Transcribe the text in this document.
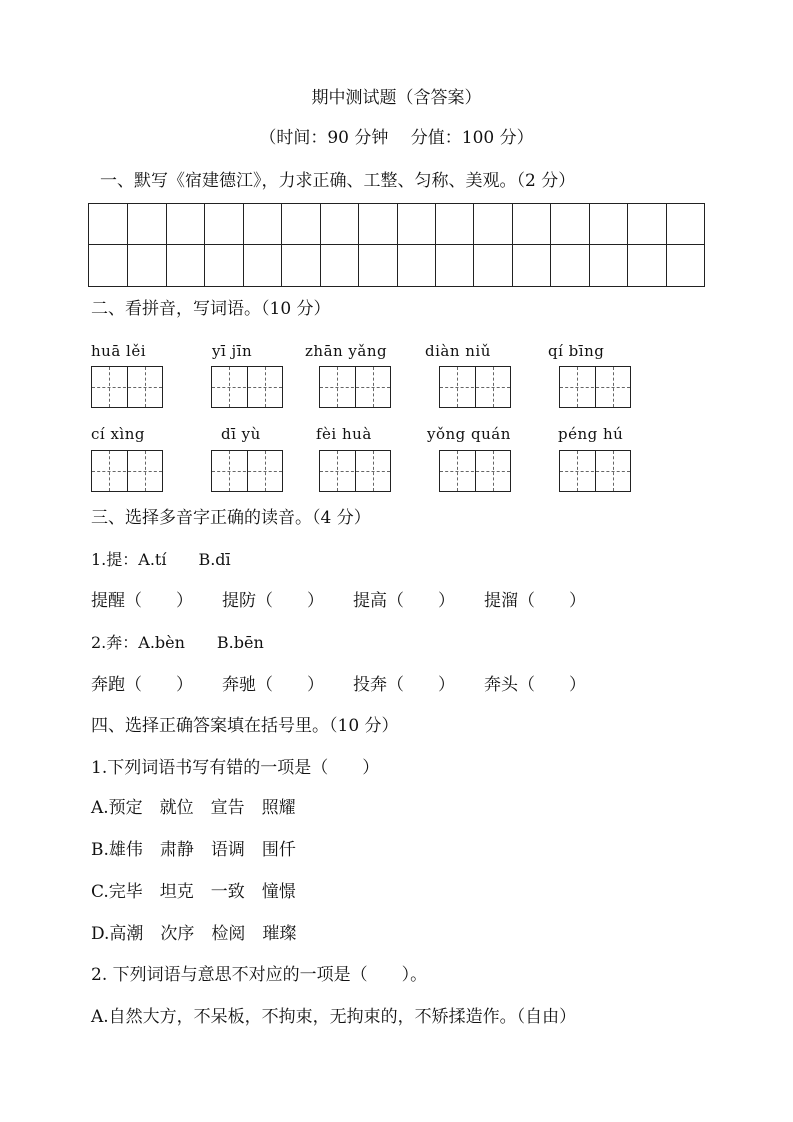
期中测试题（含答案）
（时间：90 分钟　 分值：100 分）
一、默写《宿建德江》，力求正确、工整、匀称、美观。（2 分）
二、看拼音，写词语。（10 分）
huā lěi	yī jīn	zhān yǎng	diàn niǔ	qí bīng
cí xìng	dī yù	fèi huà	yǒng quán	péng hú
三、选择多音字正确的读音。（4 分）
1.提：A.tí　　B.dī
提醒（　　） 提防（　　） 提高（　　） 提溜（　　）
2.奔：A.bèn　　B.bēn
奔跑（　　） 奔驰（　　） 投奔（　　） 奔头（　　）
四、选择正确答案填在括号里。（10 分）
1.下列词语书写有错的一项是（　　）
A.预定　就位　宣告　照耀
B.雄伟　肃静　语调　围仟
C.完毕　坦克　一致　憧憬
D.高潮　次序　检阅　璀璨
2. 下列词语与意思不对应的一项是（　　）。
A.自然大方，不呆板，不拘束，无拘束的，不矫揉造作。（自由）
